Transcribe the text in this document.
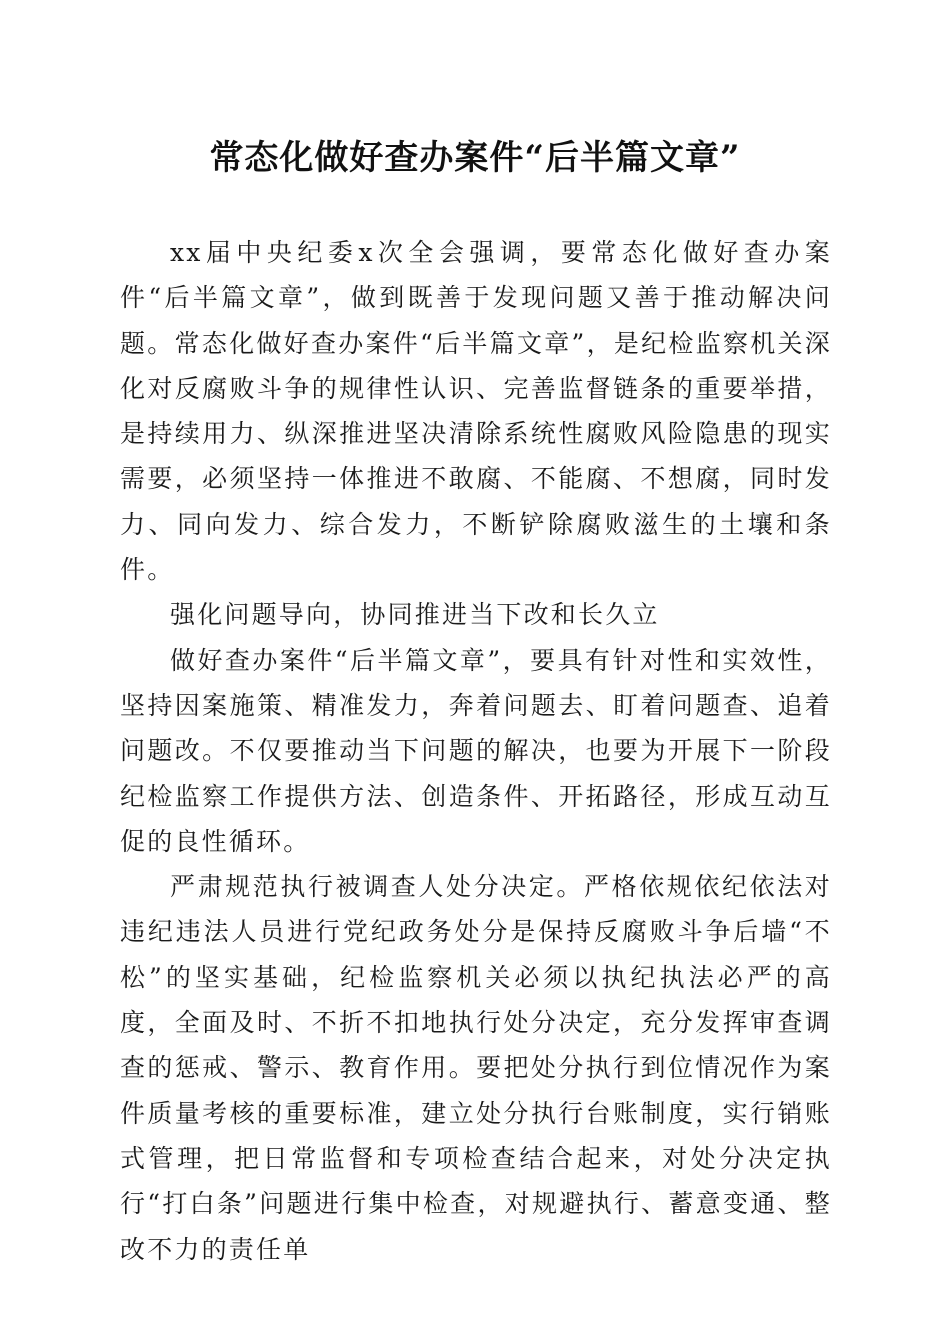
常态化做好查办案件“后半篇文章”

xx届中央纪委x次全会强调，要常态化做好查办案件“后半篇文章”，做到既善于发现问题又善于推动解决问题。常态化做好查办案件“后半篇文章”，是纪检监察机关深化对反腐败斗争的规律性认识、完善监督链条的重要举措，是持续用力、纵深推进坚决清除系统性腐败风险隐患的现实需要，必须坚持一体推进不敢腐、不能腐、不想腐，同时发力、同向发力、综合发力，不断铲除腐败滋生的土壤和条件。

强化问题导向，协同推进当下改和长久立

做好查办案件“后半篇文章”，要具有针对性和实效性，坚持因案施策、精准发力，奔着问题去、盯着问题查、追着问题改。不仅要推动当下问题的解决，也要为开展下一阶段纪检监察工作提供方法、创造条件、开拓路径，形成互动互促的良性循环。

严肃规范执行被调查人处分决定。严格依规依纪依法对违纪违法人员进行党纪政务处分是保持反腐败斗争后墙“不松”的坚实基础，纪检监察机关必须以执纪执法必严的高度，全面及时、不折不扣地执行处分决定，充分发挥审查调查的惩戒、警示、教育作用。要把处分执行到位情况作为案件质量考核的重要标准，建立处分执行台账制度，实行销账式管理，把日常监督和专项检查结合起来，对处分决定执行“打白条”问题进行集中检查，对规避执行、蓄意变通、整改不力的责任单
